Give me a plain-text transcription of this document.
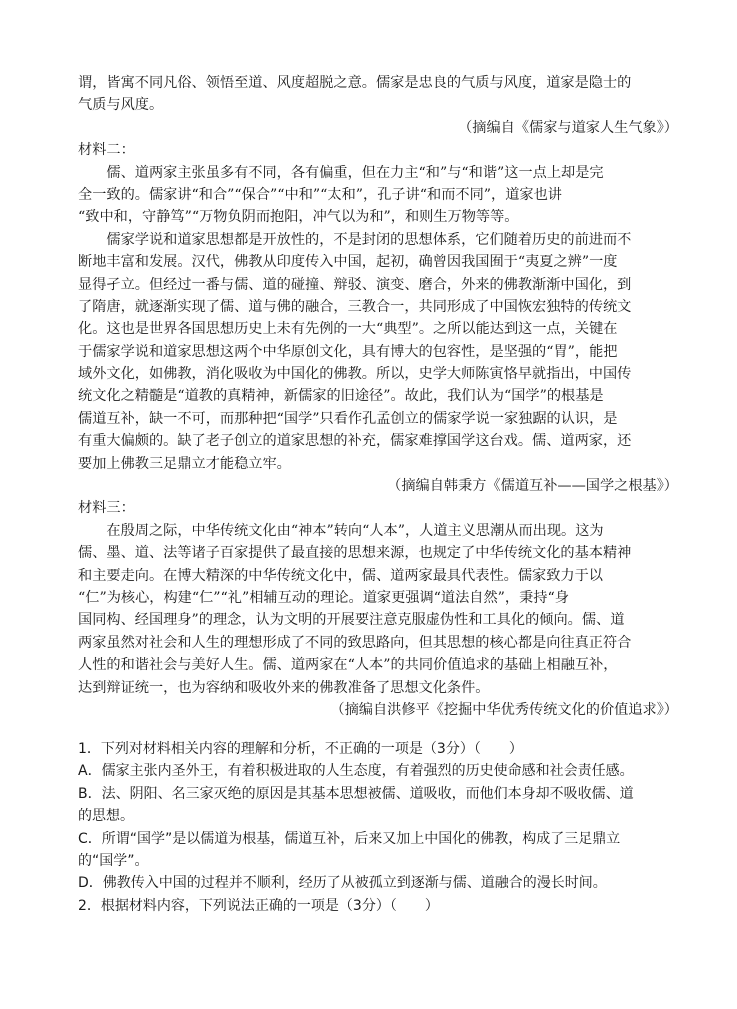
谓，皆寓不同凡俗、领悟至道、风度超脱之意。儒家是忠良的气质与风度，道家是隐士的
气质与风度。
（摘编自《儒家与道家人生气象》）
材料二：
　　儒、道两家主张虽多有不同，各有偏重，但在力主“和”与“和谐”这一点上却是完
全一致的。儒家讲“和合”“保合”“中和”“太和”，孔子讲“和而不同”，道家也讲
“致中和，守静笃”“万物负阴而抱阳，冲气以为和”，和则生万物等等。
　　儒家学说和道家思想都是开放性的，不是封闭的思想体系，它们随着历史的前进而不
断地丰富和发展。汉代，佛教从印度传入中国，起初，确曾因我国囿于“夷夏之辨”一度
显得孑立。但经过一番与儒、道的碰撞、辩驳、演变、磨合，外来的佛教渐渐中国化，到
了隋唐，就逐渐实现了儒、道与佛的融合，三教合一，共同形成了中国恢宏独特的传统文
化。这也是世界各国思想历史上未有先例的一大“典型”。之所以能达到这一点，关键在
于儒家学说和道家思想这两个中华原创文化，具有博大的包容性，是坚强的“胃”，能把
域外文化，如佛教，消化吸收为中国化的佛教。所以，史学大师陈寅恪早就指出，中国传
统文化之精髓是“道教的真精神，新儒家的旧途径”。故此，我们认为“国学”的根基是
儒道互补，缺一不可，而那种把“国学”只看作孔孟创立的儒家学说一家独踞的认识，是
有重大偏颇的。缺了老子创立的道家思想的补充，儒家难撑国学这台戏。儒、道两家，还
要加上佛教三足鼎立才能稳立牢。
（摘编自韩秉方《儒道互补——国学之根基》）
材料三：
　　在殷周之际，中华传统文化由“神本”转向“人本”，人道主义思潮从而出现。这为
儒、墨、道、法等诸子百家提供了最直接的思想来源，也规定了中华传统文化的基本精神
和主要走向。在博大精深的中华传统文化中，儒、道两家最具代表性。儒家致力于以
“仁”为核心，构建“仁”“礼”相辅互动的理论。道家更强调“道法自然”，秉持“身
国同构、经国理身”的理念，认为文明的开展要注意克服虚伪性和工具化的倾向。儒、道
两家虽然对社会和人生的理想形成了不同的致思路向，但其思想的核心都是向往真正符合
人性的和谐社会与美好人生。儒、道两家在“人本”的共同价值追求的基础上相融互补，
达到辩证统一，也为容纳和吸收外来的佛教准备了思想文化条件。
（摘编自洪修平《挖掘中华优秀传统文化的价值追求》）
1．下列对材料相关内容的理解和分析，不正确的一项是（3分）（　　）
A．儒家主张内圣外王，有着积极进取的人生态度，有着强烈的历史使命感和社会责任感。
B．法、阴阳、名三家灭绝的原因是其基本思想被儒、道吸收，而他们本身却不吸收儒、道
的思想。
C．所谓“国学”是以儒道为根基，儒道互补，后来又加上中国化的佛教，构成了三足鼎立
的“国学”。
D．佛教传入中国的过程并不顺利，经历了从被孤立到逐渐与儒、道融合的漫长时间。
2．根据材料内容，下列说法正确的一项是（3分）（　　）
